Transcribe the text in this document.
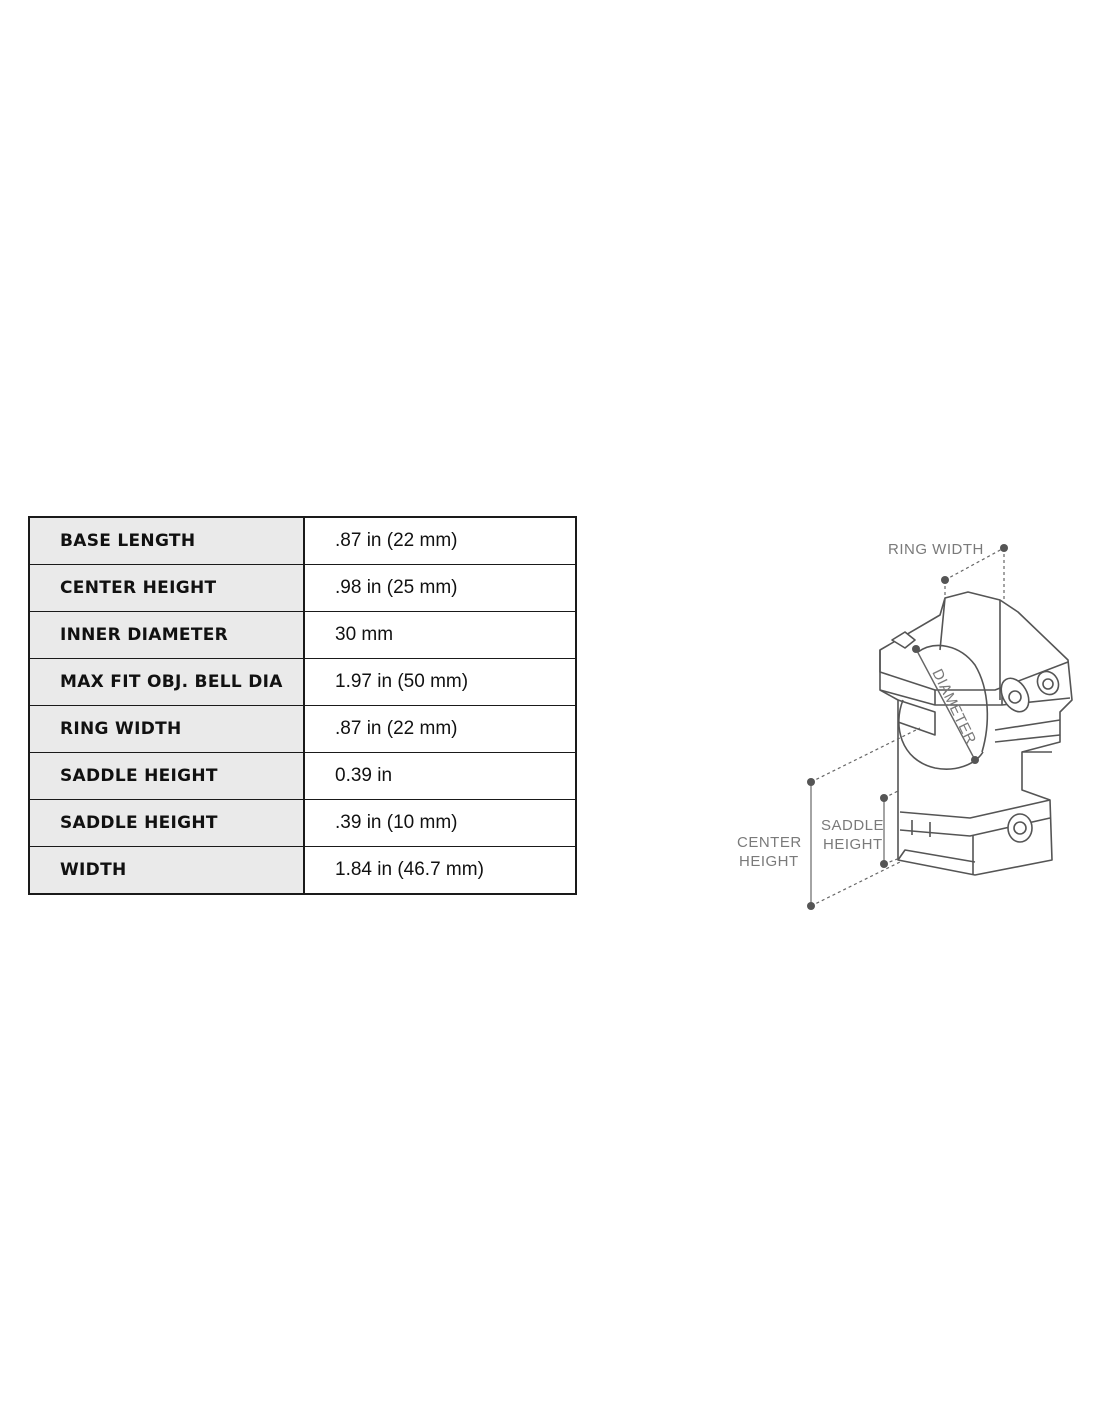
BASE LENGTH	.87 in (22 mm)
CENTER HEIGHT	.98 in (25 mm)
INNER DIAMETER	30 mm
MAX FIT OBJ. BELL DIA	1.97 in (50 mm)
RING WIDTH	.87 in (22 mm)
SADDLE HEIGHT	0.39 in
SADDLE HEIGHT	.39 in (10 mm)
WIDTH	1.84 in (46.7 mm)
RING WIDTH
DIAMETER
SADDLE
HEIGHT
CENTER
HEIGHT
